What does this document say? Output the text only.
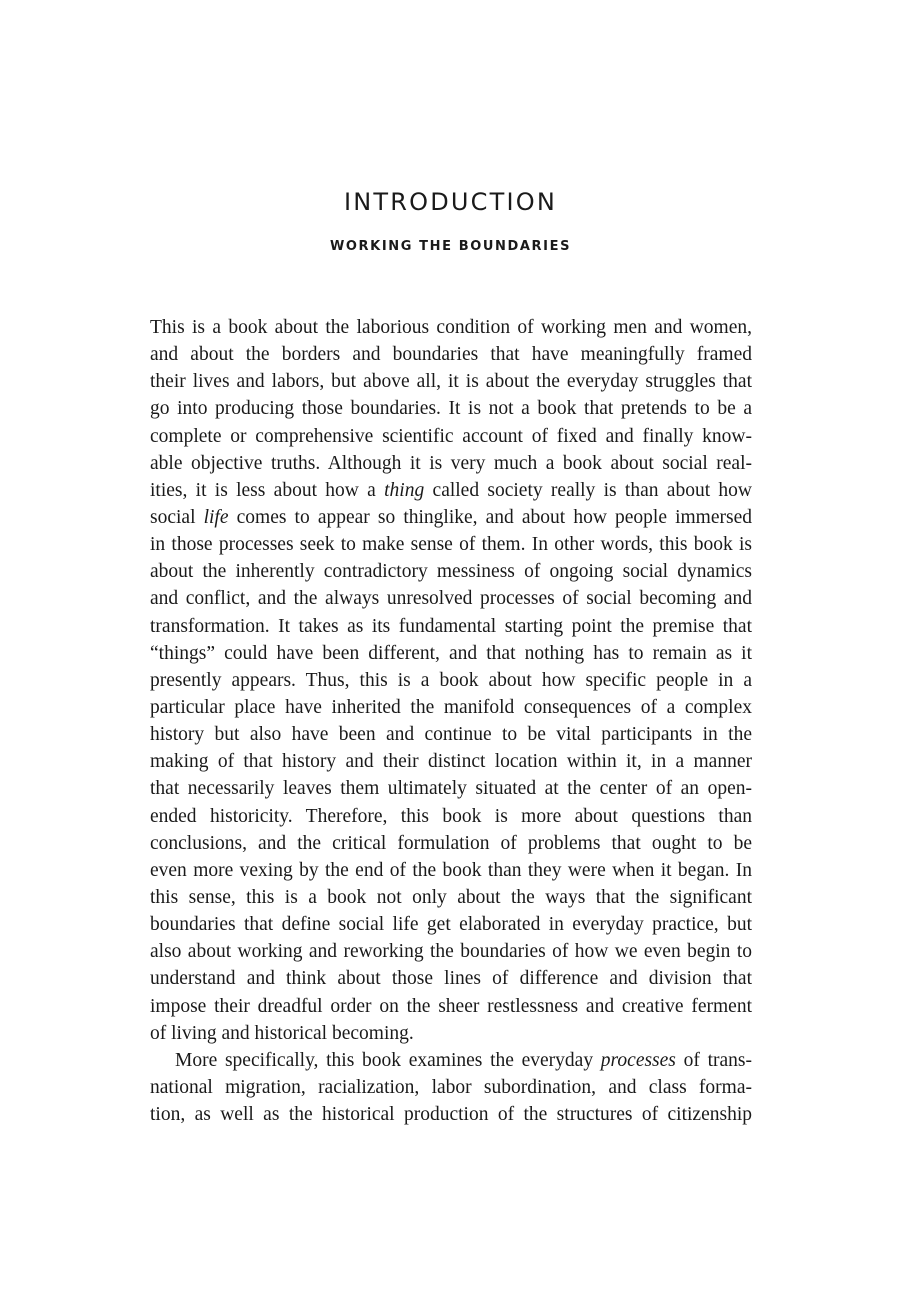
INTRODUCTION
WORKING THE BOUNDARIES
This is a book about the laborious condition of working men and women,
and about the borders and boundaries that have meaningfully framed
their lives and labors, but above all, it is about the everyday struggles that
go into producing those boundaries. It is not a book that pretends to be a
complete or comprehensive scientific account of fixed and finally know-
able objective truths. Although it is very much a book about social real-
ities, it is less about how a thing called society really is than about how
social life comes to appear so thinglike, and about how people immersed
in those processes seek to make sense of them. In other words, this book is
about the inherently contradictory messiness of ongoing social dynamics
and conflict, and the always unresolved processes of social becoming and
transformation. It takes as its fundamental starting point the premise that
“things” could have been different, and that nothing has to remain as it
presently appears. Thus, this is a book about how specific people in a
particular place have inherited the manifold consequences of a complex
history but also have been and continue to be vital participants in the
making of that history and their distinct location within it, in a manner
that necessarily leaves them ultimately situated at the center of an open-
ended historicity. Therefore, this book is more about questions than
conclusions, and the critical formulation of problems that ought to be
even more vexing by the end of the book than they were when it began. In
this sense, this is a book not only about the ways that the significant
boundaries that define social life get elaborated in everyday practice, but
also about working and reworking the boundaries of how we even begin to
understand and think about those lines of difference and division that
impose their dreadful order on the sheer restlessness and creative ferment
of living and historical becoming.
More specifically, this book examines the everyday processes of trans-
national migration, racialization, labor subordination, and class forma-
tion, as well as the historical production of the structures of citizenship
